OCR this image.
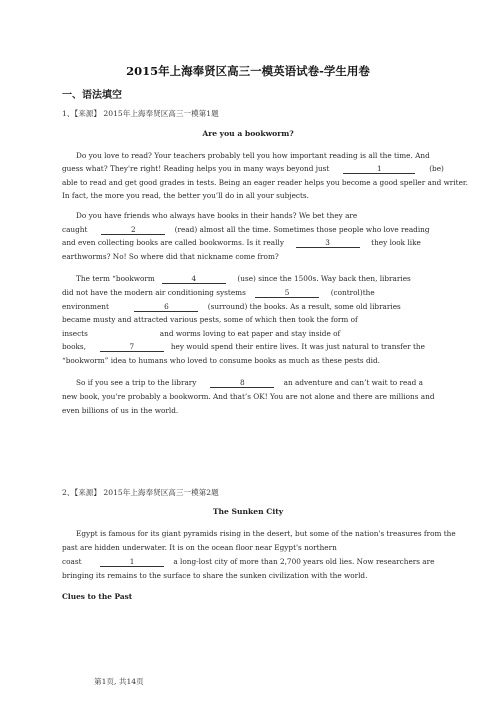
2015年上海奉贤区高三一模英语试卷-学生用卷
一、语法填空
1、【来源】 2015年上海奉贤区高三一模第1题
Are you a bookworm?
Do you love to read? Your teachers probably tell you how important reading is all the time. And
guess what? They're right! Reading helps you in many ways beyond just	1	(be)
able to read and get good grades in tests. Being an eager reader helps you become a good speller and writer.
In fact, the more you read, the better you’ll do in all your subjects.
Do you have friends who always have books in their hands? We bet they are
caught	2	(read) almost all the time. Sometimes those people who love reading
and even collecting books are called bookworms. Is it really	3	they look like
earthworms? No! So where did that nickname come from?
The term “bookworm	4	(use) since the 1500s. Way back then, libraries
did not have the modern air conditioning systems	5	(control)the
environment	6	(surround) the books. As a result, some old libraries
became musty and attracted various pests, some of which then took the form of
insects	and worms loving to eat paper and stay inside of
books,	7	hey would spend their entire lives. It was just natural to transfer the
“bookworm” idea to humans who loved to consume books as much as these pests did.
So if you see a trip to the library	8	an adventure and can’t wait to read a
new book, you’re probably a bookworm. And that’s OK! You are not alone and there are millions and
even billions of us in the world.
2、【来源】 2015年上海奉贤区高三一模第2题
The Sunken City
Egypt is famous for its giant pyramids rising in the desert, but some of the nation's treasures from the
past are hidden underwater. It is on the ocean floor near Egypt's northern
coast	1	a long-lost city of more than 2,700 years old lies. Now researchers are
bringing its remains to the surface to share the sunken civilization with the world.
Clues to the Past
第1页, 共14页
